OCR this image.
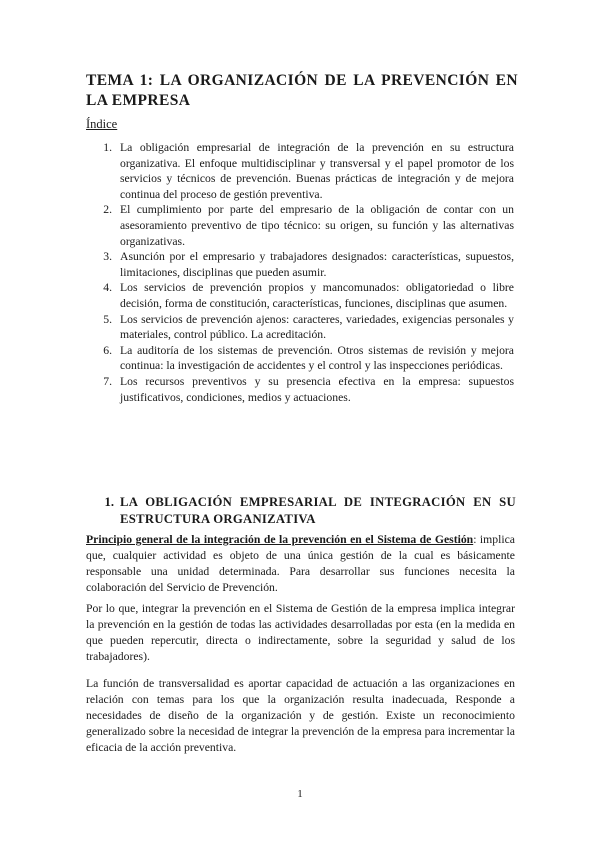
TEMA 1: LA ORGANIZACIÓN DE LA PREVENCIÓN EN LA EMPRESA
Índice
1. La obligación empresarial de integración de la prevención en su estructura organizativa. El enfoque multidisciplinar y transversal y el papel promotor de los servicios y técnicos de prevención. Buenas prácticas de integración y de mejora continua del proceso de gestión preventiva.
2. El cumplimiento por parte del empresario de la obligación de contar con un asesoramiento preventivo de tipo técnico: su origen, su función y las alternativas organizativas.
3. Asunción por el empresario y trabajadores designados: características, supuestos, limitaciones, disciplinas que pueden asumir.
4. Los servicios de prevención propios y mancomunados: obligatoriedad o libre decisión, forma de constitución, características, funciones, disciplinas que asumen.
5. Los servicios de prevención ajenos: caracteres, variedades, exigencias personales y materiales, control público. La acreditación.
6. La auditoría de los sistemas de prevención. Otros sistemas de revisión y mejora continua: la investigación de accidentes y el control y las inspecciones periódicas.
7. Los recursos preventivos y su presencia efectiva en la empresa: supuestos justificativos, condiciones, medios y actuaciones.
1. LA OBLIGACIÓN EMPRESARIAL DE INTEGRACIÓN EN SU ESTRUCTURA ORGANIZATIVA

Principio general de la integración de la prevención en el Sistema de Gestión: implica que, cualquier actividad es objeto de una única gestión de la cual es básicamente responsable una unidad determinada. Para desarrollar sus funciones necesita la colaboración del Servicio de Prevención.

Por lo que, integrar la prevención en el Sistema de Gestión de la empresa implica integrar la prevención en la gestión de todas las actividades desarrolladas por esta (en la medida en que pueden repercutir, directa o indirectamente, sobre la seguridad y salud de los trabajadores).

La función de transversalidad es aportar capacidad de actuación a las organizaciones en relación con temas para los que la organización resulta inadecuada, Responde a necesidades de diseño de la organización y de gestión. Existe un reconocimiento generalizado sobre la necesidad de integrar la prevención de la empresa para incrementar la eficacia de la acción preventiva.

1
